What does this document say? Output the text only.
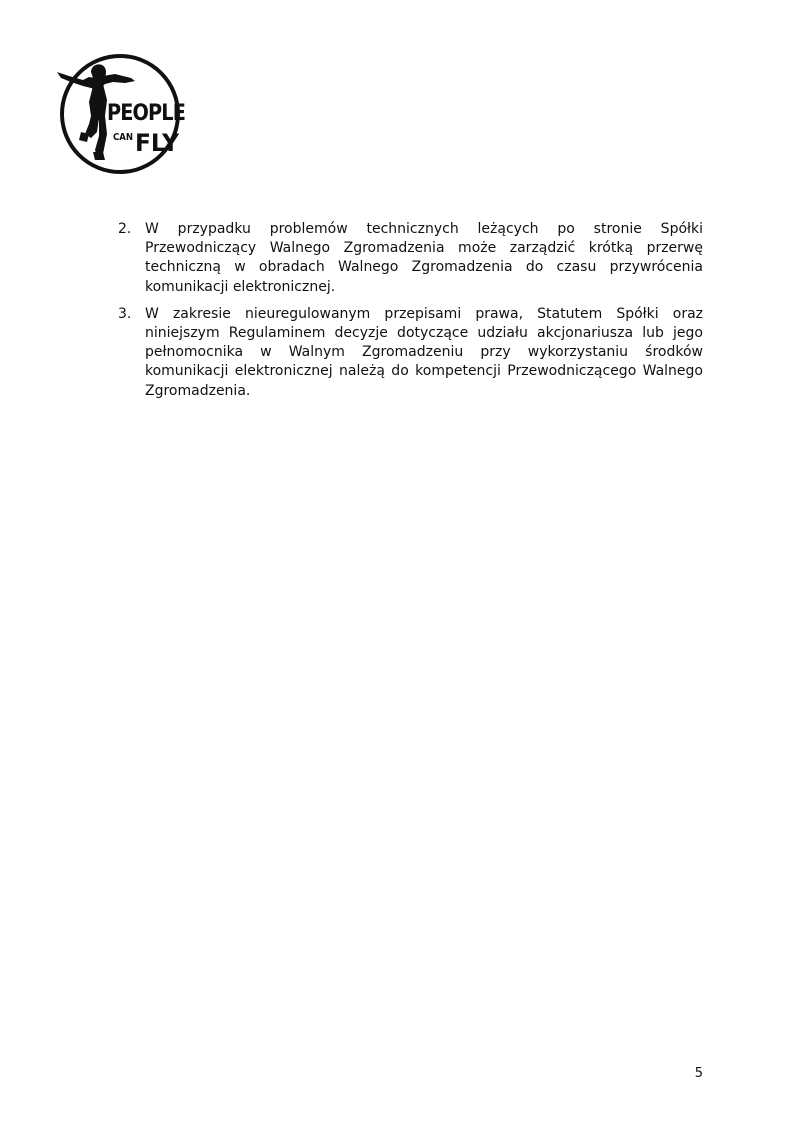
PEOPLE
CAN FLY
2. W przypadku problemów technicznych leżących po stronie Spółki Przewodniczący Walnego Zgromadzenia może zarządzić krótką przerwę techniczną w obradach Walnego Zgromadzenia do czasu przywrócenia komunikacji elektronicznej.
3. W zakresie nieuregulowanym przepisami prawa, Statutem Spółki oraz niniejszym Regulaminem decyzje dotyczące udziału akcjonariusza lub jego pełnomocnika w Walnym Zgromadzeniu przy wykorzystaniu środków komunikacji elektronicznej należą do kompetencji Przewodniczącego Walnego Zgromadzenia.
5
